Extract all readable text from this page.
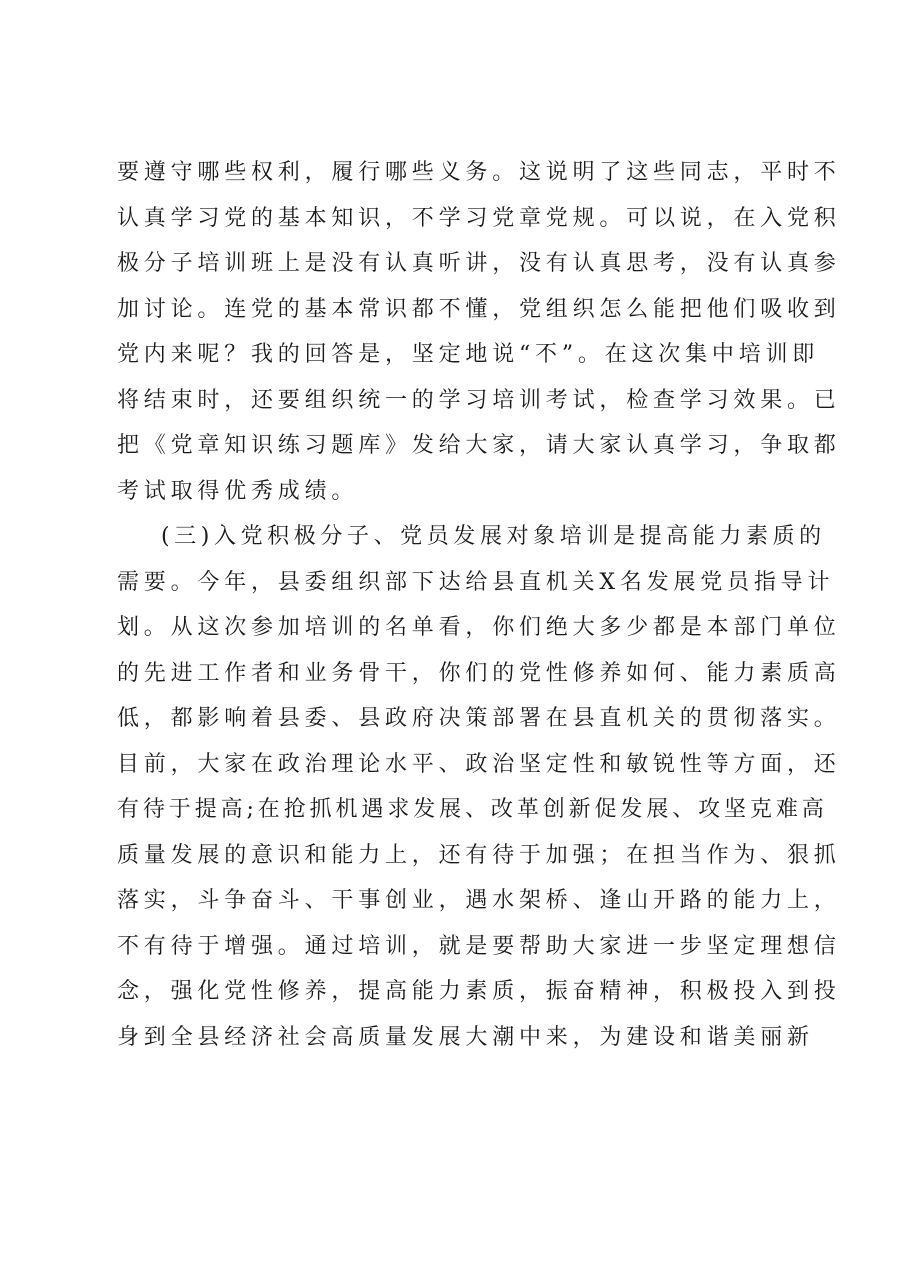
要遵守哪些权利，履行哪些义务。这说明了这些同志，平时不
认真学习党的基本知识，不学习党章党规。可以说，在入党积
极分子培训班上是没有认真听讲，没有认真思考，没有认真参
加讨论。连党的基本常识都不懂，党组织怎么能把他们吸收到
党内来呢？我的回答是，坚定地说“不”。在这次集中培训即
将结束时，还要组织统一的学习培训考试，检查学习效果。已
把《党章知识练习题库》发给大家，请大家认真学习，争取都
考试取得优秀成绩。
(三)入党积极分子、党员发展对象培训是提高能力素质的
需要。今年，县委组织部下达给县直机关X名发展党员指导计
划。从这次参加培训的名单看，你们绝大多少都是本部门单位
的先进工作者和业务骨干，你们的党性修养如何、能力素质高
低，都影响着县委、县政府决策部署在县直机关的贯彻落实。
目前，大家在政治理论水平、政治坚定性和敏锐性等方面，还
有待于提高;在抢抓机遇求发展、改革创新促发展、攻坚克难高
质量发展的意识和能力上，还有待于加强；在担当作为、狠抓
落实，斗争奋斗、干事创业，遇水架桥、逢山开路的能力上，
不有待于增强。通过培训，就是要帮助大家进一步坚定理想信
念，强化党性修养，提高能力素质，振奋精神，积极投入到投
身到全县经济社会高质量发展大潮中来，为建设和谐美丽新
